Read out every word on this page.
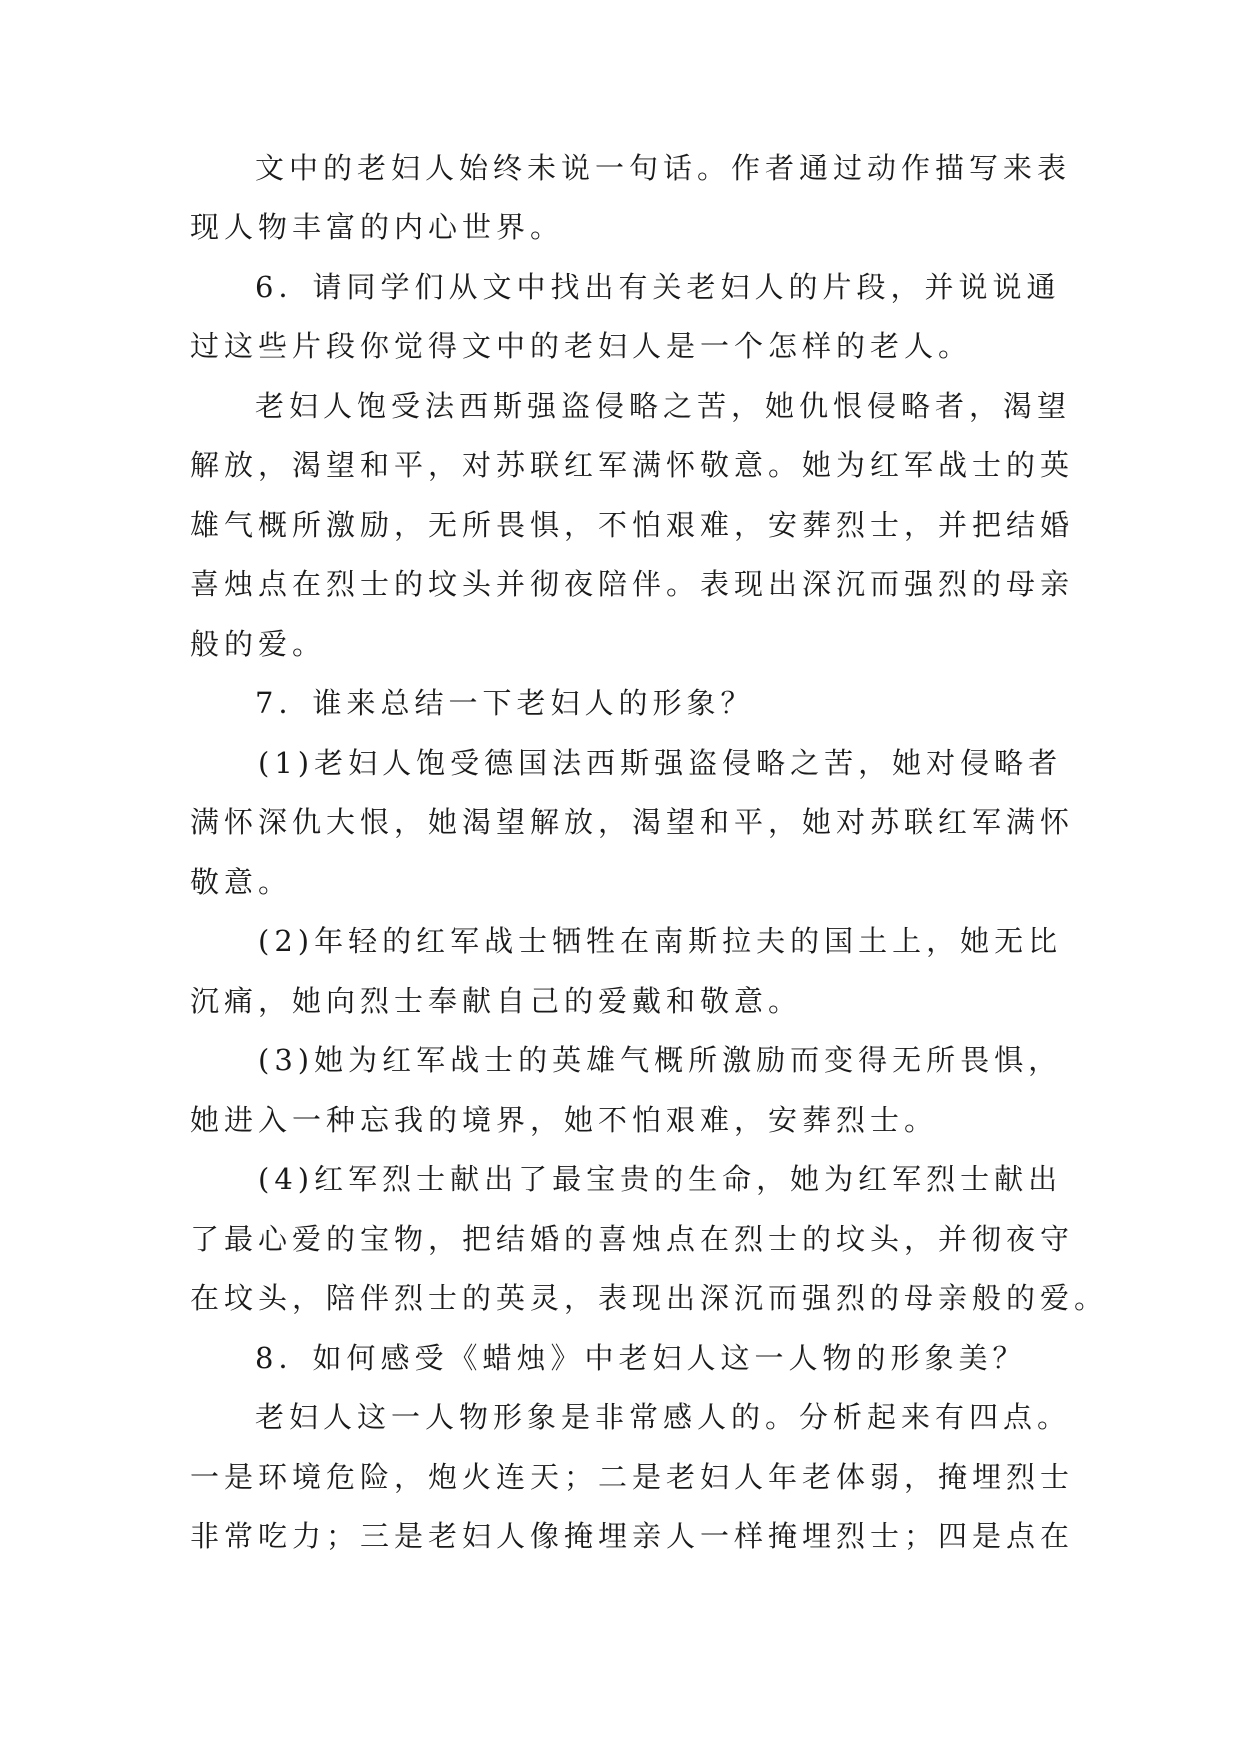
文中的老妇人始终未说一句话。作者通过动作描写来表
现人物丰富的内心世界。
6．请同学们从文中找出有关老妇人的片段，并说说通
过这些片段你觉得文中的老妇人是一个怎样的老人。
老妇人饱受法西斯强盗侵略之苦，她仇恨侵略者，渴望
解放，渴望和平，对苏联红军满怀敬意。她为红军战士的英
雄气概所激励，无所畏惧，不怕艰难，安葬烈士，并把结婚
喜烛点在烈士的坟头并彻夜陪伴。表现出深沉而强烈的母亲
般的爱。
7．谁来总结一下老妇人的形象？
(1)老妇人饱受德国法西斯强盗侵略之苦，她对侵略者
满怀深仇大恨，她渴望解放，渴望和平，她对苏联红军满怀
敬意。
(2)年轻的红军战士牺牲在南斯拉夫的国土上，她无比
沉痛，她向烈士奉献自己的爱戴和敬意。
(3)她为红军战士的英雄气概所激励而变得无所畏惧，
她进入一种忘我的境界，她不怕艰难，安葬烈士。
(4)红军烈士献出了最宝贵的生命，她为红军烈士献出
了最心爱的宝物，把结婚的喜烛点在烈士的坟头，并彻夜守
在坟头，陪伴烈士的英灵，表现出深沉而强烈的母亲般的爱。
8．如何感受《蜡烛》中老妇人这一人物的形象美？
老妇人这一人物形象是非常感人的。分析起来有四点。
一是环境危险，炮火连天；二是老妇人年老体弱，掩埋烈士
非常吃力；三是老妇人像掩埋亲人一样掩埋烈士；四是点在
